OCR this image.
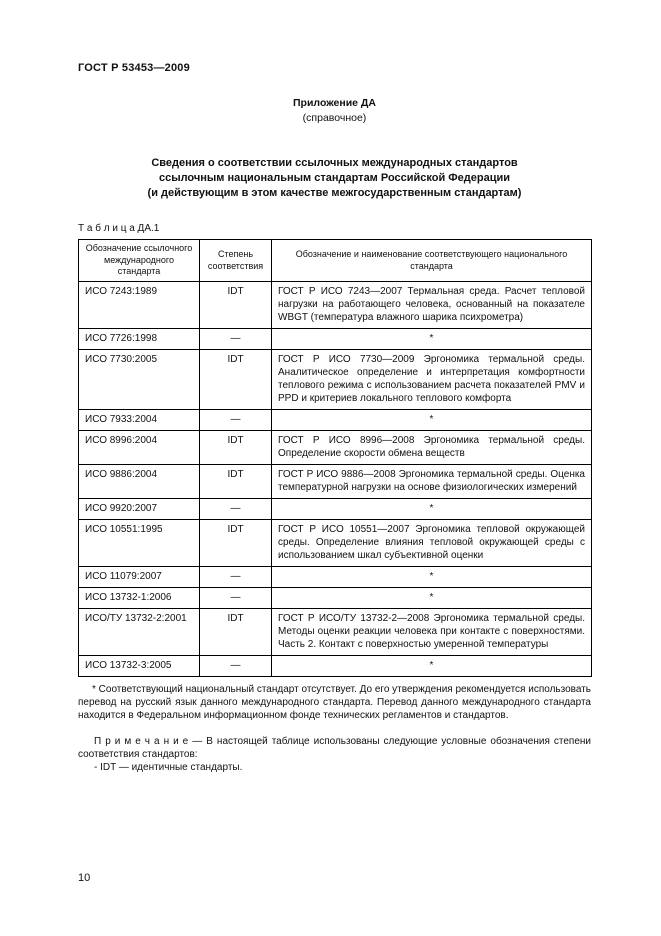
ГОСТ Р 53453—2009
Приложение ДА
(справочное)
Сведения о соответствии ссылочных международных стандартов
ссылочным национальным стандартам Российской Федерации
(и действующим в этом качестве межгосударственным стандартам)
Т а б л и ц а ДА.1
Обозначение ссылочного международного стандарта	Степень соответствия	Обозначение и наименование соответствующего национального стандарта
ИСО 7243:1989	IDT	ГОСТ Р ИСО 7243—2007 Термальная среда. Расчет тепловой нагрузки на работающего человека, основанный на показателе WBGT (температура влажного шарика психрометра)
ИСО 7726:1998	—	*
ИСО 7730:2005	IDT	ГОСТ Р ИСО 7730—2009 Эргономика термальной среды. Аналитическое определение и интерпретация комфортности теплового режима с использованием расчета показателей PMV и PPD и критериев локального теплового комфорта
ИСО 7933:2004	—	*
ИСО 8996:2004	IDT	ГОСТ Р ИСО 8996—2008 Эргономика термальной среды. Определение скорости обмена веществ
ИСО 9886:2004	IDT	ГОСТ Р ИСО 9886—2008 Эргономика термальной среды. Оценка температурной нагрузки на основе физиологических измерений
ИСО 9920:2007	—	*
ИСО 10551:1995	IDT	ГОСТ Р ИСО 10551—2007 Эргономика тепловой окружающей среды. Определение влияния тепловой окружающей среды с использованием шкал субъективной оценки
ИСО 11079:2007	—	*
ИСО 13732-1:2006	—	*
ИСО/ТУ 13732-2:2001	IDT	ГОСТ Р ИСО/ТУ 13732-2—2008 Эргономика термальной среды. Методы оценки реакции человека при контакте с поверхностями. Часть 2. Контакт с поверхностью умеренной температуры
ИСО 13732-3:2005	—	*
* Соответствующий национальный стандарт отсутствует. До его утверждения рекомендуется использовать перевод на русский язык данного международного стандарта. Перевод данного международного стандарта находится в Федеральном информационном фонде технических регламентов и стандартов.
П р и м е ч а н и е — В настоящей таблице использованы следующие условные обозначения степени соответствия стандартов:
- IDT — идентичные стандарты.
10
